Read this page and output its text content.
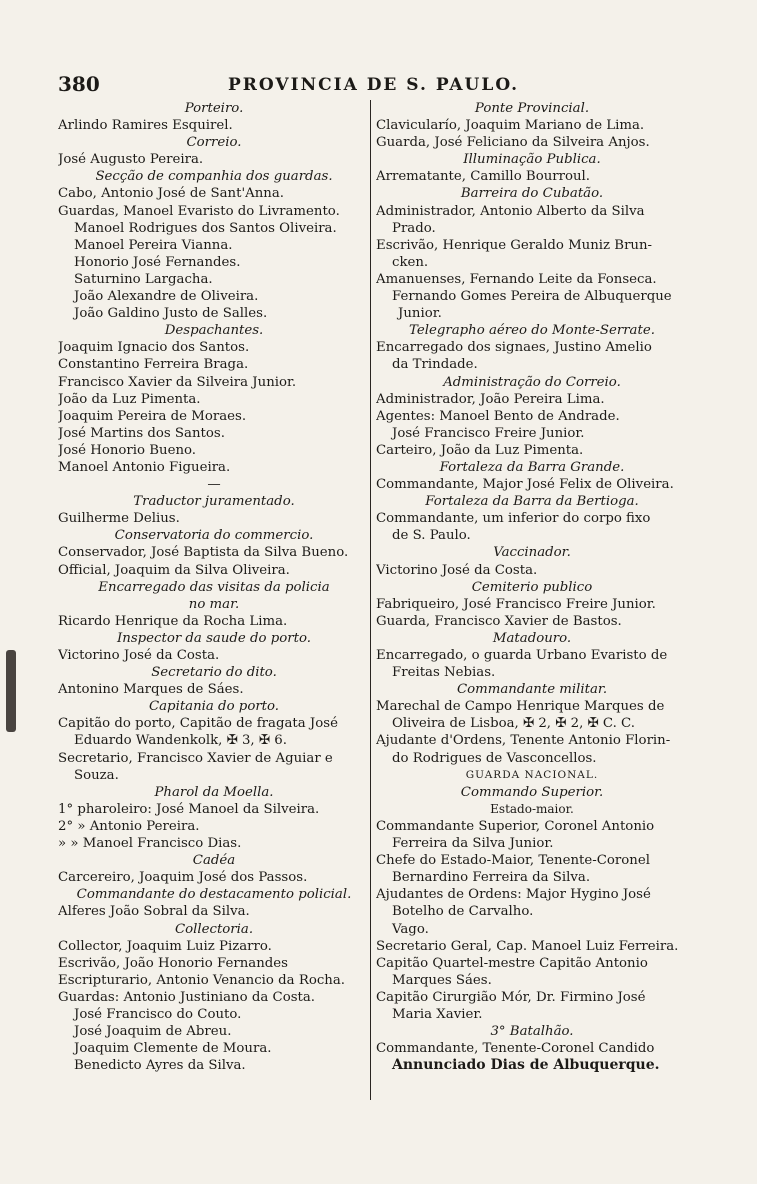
380	PROVINCIA DE S. PAULO.
Porteiro.
Arlindo Ramires Esquirel.
Correio.
José Augusto Pereira.
Secção de companhia dos guardas.
Cabo, Antonio José de Sant'Anna.
Guardas, Manoel Evaristo do Livramento.
Manoel Rodrigues dos Santos Oliveira.
Manoel Pereira Vianna.
Honorio José Fernandes.
Saturnino Largacha.
João Alexandre de Oliveira.
João Galdino Justo de Salles.
Despachantes.
Joaquim Ignacio dos Santos.
Constantino Ferreira Braga.
Francisco Xavier da Silveira Junior.
João da Luz Pimenta.
Joaquim Pereira de Moraes.
José Martins dos Santos.
José Honorio Bueno.
Manoel Antonio Figueira.
—
Traductor juramentado.
Guilherme Delius.
Conservatoria do commercio.
Conservador, José Baptista da Silva Bueno.
Official, Joaquim da Silva Oliveira.
Encarregado das visitas da policia
no mar.
Ricardo Henrique da Rocha Lima.
Inspector da saude do porto.
Victorino José da Costa.
Secretario do dito.
Antonino Marques de Sáes.
Capitania do porto.
Capitão do porto, Capitão de fragata José
Eduardo Wandenkolk, ✠ 3, ✠ 6.
Secretario, Francisco Xavier de Aguiar e
Souza.
Pharol da Moella.
1° pharoleiro: José Manoel da Silveira.
2° » Antonio Pereira.
» » Manoel Francisco Dias.
Cadéa
Carcereiro, Joaquim José dos Passos.
Commandante do destacamento policial.
Alferes João Sobral da Silva.
Collectoria.
Collector, Joaquim Luiz Pizarro.
Escrivão, João Honorio Fernandes
Escripturario, Antonio Venancio da Rocha.
Guardas: Antonio Justiniano da Costa.
José Francisco do Couto.
José Joaquim de Abreu.
Joaquim Clemente de Moura.
Benedicto Ayres da Silva.
Ponte Provincial.
Clavicularío, Joaquim Mariano de Lima.
Guarda, José Feliciano da Silveira Anjos.
Illuminação Publica.
Arrematante, Camillo Bourroul.
Barreira do Cubatão.
Administrador, Antonio Alberto da Silva
Prado.
Escrivão, Henrique Geraldo Muniz Brun-
cken.
Amanuenses, Fernando Leite da Fonseca.
Fernando Gomes Pereira de Albuquerque
Junior.
Telegrapho aéreo do Monte-Serrate.
Encarregado dos signaes, Justino Amelio
da Trindade.
Administração do Correio.
Administrador, João Pereira Lima.
Agentes: Manoel Bento de Andrade.
José Francisco Freire Junior.
Carteiro, João da Luz Pimenta.
Fortaleza da Barra Grande.
Commandante, Major José Felix de Oliveira.
Fortaleza da Barra da Bertioga.
Commandante, um inferior do corpo fixo
de S. Paulo.
Vaccinador.
Victorino José da Costa.
Cemiterio publico
Fabriqueiro, José Francisco Freire Junior.
Guarda, Francisco Xavier de Bastos.
Matadouro.
Encarregado, o guarda Urbano Evaristo de
Freitas Nebias.
Commandante militar.
Marechal de Campo Henrique Marques de
Oliveira de Lisboa, ✠ 2, ✠ 2, ✠ C. C.
Ajudante d'Ordens, Tenente Antonio Florin-
do Rodrigues de Vasconcellos.
GUARDA NACIONAL.
Commando Superior.
Estado-maior.
Commandante Superior, Coronel Antonio
Ferreira da Silva Junior.
Chefe do Estado-Maior, Tenente-Coronel
Bernardino Ferreira da Silva.
Ajudantes de Ordens: Major Hygino José
Botelho de Carvalho.
Vago.
Secretario Geral, Cap. Manoel Luiz Ferreira.
Capitão Quartel-mestre Capitão Antonio
Marques Sáes.
Capitão Cirurgião Mór, Dr. Firmino José
Maria Xavier.
3° Batalhão.
Commandante, Tenente-Coronel Candido
Annunciado Dias de Albuquerque.
